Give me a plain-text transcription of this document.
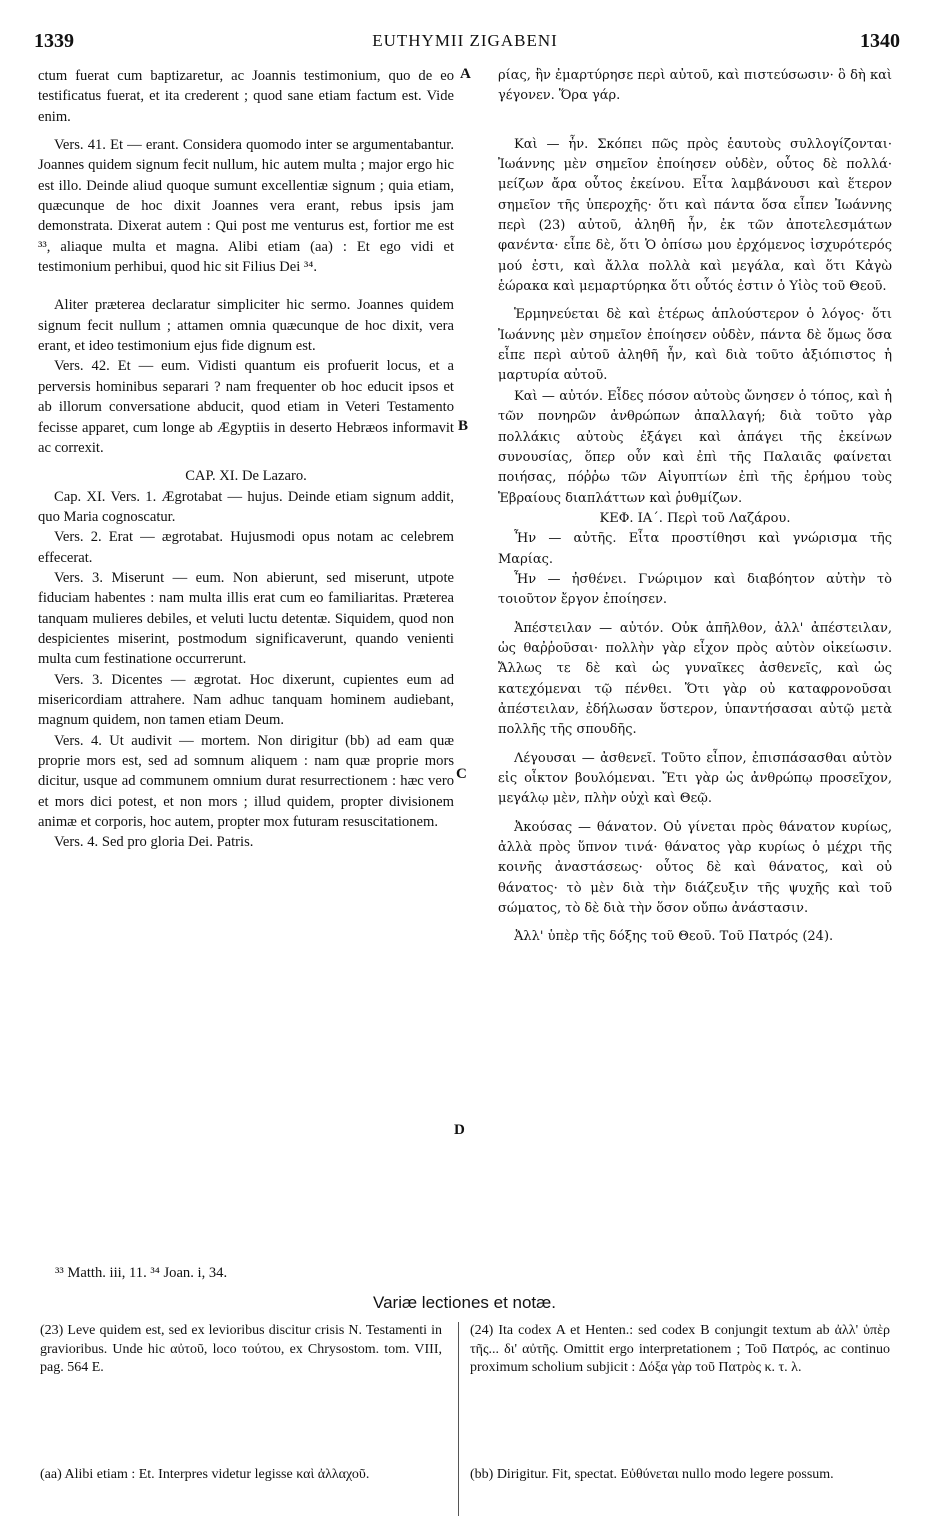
1339	EUTHYMII ZIGABENI	1340
A
B
C
D

ctum fuerat cum baptizaretur, ac Joannis testimonium, quo de eo testificatus fuerat, et ita crederent ; quod sane etiam factum est. Vide enim.

Vers. 41. Et — erant. Considera quomodo inter se argumentabantur. Joannes quidem signum fecit nullum, hic autem multa ; major ergo hic est illo. Deinde aliud quoque sumunt excellentiæ signum ; quia etiam, quæcunque de hoc dixit Joannes vera erant, rebus ipsis jam demonstrata. Dixerat autem : Qui post me venturus est, fortior me est ³³, aliaque multa et magna. Alibi etiam (aa) : Et ego vidi et testimonium perhibui, quod hic sit Filius Dei ³⁴.

Aliter præterea declaratur simpliciter hic sermo. Joannes quidem signum fecit nullum ; attamen omnia quæcunque de hoc dixit, vera erant, et ideo testimonium ejus fide dignum est.

Vers. 42. Et — eum. Vidisti quantum eis profuerit locus, et a perversis hominibus separari ? nam frequenter ob hoc educit ipsos et ab illorum conversatione abducit, quod etiam in Veteri Testamento fecisse apparet, cum longe ab Ægyptiis in deserto Hebræos informavit ac correxit.

CAP. XI. De Lazaro.

Cap. XI. Vers. 1. Ægrotabat — hujus. Deinde etiam signum addit, quo Maria cognoscatur.

Vers. 2. Erat — ægrotabat. Hujusmodi opus notam ac celebrem effecerat.

Vers. 3. Miserunt — eum. Non abierunt, sed miserunt, utpote fiduciam habentes : nam multa illis erat cum eo familiaritas. Præterea tanquam mulieres debiles, et veluti luctu detentæ. Siquidem, quod non despicientes miserint, postmodum significaverunt, quando venienti multa cum festinatione occurrerunt.

Vers. 3. Dicentes — ægrotat. Hoc dixerunt, cupientes eum ad misericordiam attrahere. Nam adhuc tanquam hominem audiebant, magnum quidem, non tamen etiam Deum.

Vers. 4. Ut audivit — mortem. Non dirigitur (bb) ad eam quæ proprie mors est, sed ad somnum aliquem : nam quæ proprie mors dicitur, usque ad communem omnium durat resurrectionem : hæc vero et mors dici potest, et non mors ; illud quidem, propter divisionem animæ et corporis, hoc autem, propter mox futuram resuscitationem.

Vers. 4. Sed pro gloria Dei. Patris.

ρίας, ἣν ἐμαρτύρησε περὶ αὐτοῦ, καὶ πιστεύσωσιν· ὃ δὴ καὶ γέγονεν. Ὅρα γάρ.

Καὶ — ἦν. Σκόπει πῶς πρὸς ἑαυτοὺς συλλογίζονται· Ἰωάννης μὲν σημεῖον ἐποίησεν οὐδὲν, οὗτος δὲ πολλά· μείζων ἄρα οὗτος ἐκείνου. Εἶτα λαμβάνουσι καὶ ἕτερον σημεῖον τῆς ὑπεροχῆς· ὅτι καὶ πάντα ὅσα εἶπεν Ἰωάννης περὶ (23) αὐτοῦ, ἀληθῆ ἦν, ἐκ τῶν ἀποτελεσμάτων φανέντα· εἶπε δὲ, ὅτι Ὁ ὀπίσω μου ἐρχόμενος ἰσχυρότερός μού ἐστι, καὶ ἄλλα πολλὰ καὶ μεγάλα, καὶ ὅτι Κἀγὼ ἑώρακα καὶ μεμαρτύρηκα ὅτι οὗτός ἐστιν ὁ Υἱὸς τοῦ Θεοῦ.

Ἑρμηνεύεται δὲ καὶ ἑτέρως ἁπλούστερον ὁ λόγος· ὅτι Ἰωάννης μὲν σημεῖον ἐποίησεν οὐδὲν, πάντα δὲ ὅμως ὅσα εἶπε περὶ αὐτοῦ ἀληθῆ ἦν, καὶ διὰ τοῦτο ἀξιόπιστος ἡ μαρτυρία αὐτοῦ.

Καὶ — αὐτόν. Εἶδες πόσον αὐτοὺς ὤνησεν ὁ τόπος, καὶ ἡ τῶν πονηρῶν ἀνθρώπων ἀπαλλαγή; διὰ τοῦτο γὰρ πολλάκις αὐτοὺς ἐξάγει καὶ ἀπάγει τῆς ἐκείνων συνουσίας, ὅπερ οὖν καὶ ἐπὶ τῆς Παλαιᾶς φαίνεται ποιήσας, πόῤῥω τῶν Αἰγυπτίων ἐπὶ τῆς ἐρήμου τοὺς Ἑβραίους διαπλάττων καὶ ῥυθμίζων.

ΚΕΦ. ΙΑ΄. Περὶ τοῦ Λαζάρου.

Ἦν — αὐτῆς. Εἶτα προστίθησι καὶ γνώρισμα τῆς Μαρίας.

Ἦν — ἠσθένει. Γνώριμον καὶ διαβόητον αὐτὴν τὸ τοιοῦτον ἔργον ἐποίησεν.

Ἀπέστειλαν — αὐτόν. Οὐκ ἀπῆλθον, ἀλλ' ἀπέστειλαν, ὡς θαῤῥοῦσαι· πολλὴν γὰρ εἶχον πρὸς αὐτὸν οἰκείωσιν. Ἄλλως τε δὲ καὶ ὡς γυναῖκες ἀσθενεῖς, καὶ ὡς κατεχόμεναι τῷ πένθει. Ὅτι γὰρ οὐ καταφρονοῦσαι ἀπέστειλαν, ἐδήλωσαν ὕστερον, ὑπαντήσασαι αὐτῷ μετὰ πολλῆς τῆς σπουδῆς.

Λέγουσαι — ἀσθενεῖ. Τοῦτο εἶπον, ἐπισπάσασθαι αὐτὸν εἰς οἶκτον βουλόμεναι. Ἔτι γὰρ ὡς ἀνθρώπῳ προσεῖχον, μεγάλῳ μὲν, πλὴν οὐχὶ καὶ Θεῷ.

Ἀκούσας — θάνατον. Οὐ γίνεται πρὸς θάνατον κυρίως, ἀλλὰ πρὸς ὕπνον τινά· θάνατος γὰρ κυρίως ὁ μέχρι τῆς κοινῆς ἀναστάσεως· οὗτος δὲ καὶ θάνατος, καὶ οὐ θάνατος· τὸ μὲν διὰ τὴν διάζευξιν τῆς ψυχῆς καὶ τοῦ σώματος, τὸ δὲ διὰ τὴν ὅσον οὔπω ἀνάστασιν.

Ἀλλ' ὑπὲρ τῆς δόξης τοῦ Θεοῦ. Τοῦ Πατρός (24).

³³ Matth. iii, 11. ³⁴ Joan. i, 34.
Variæ lectiones et notæ.
(23) Leve quidem est, sed ex levioribus discitur crisis N. Testamenti in gravioribus. Unde hic αὐτοῦ, loco τούτου, ex Chrysostom. tom. VIII, pag. 564 E.
(24) Ita codex A et Henten.: sed codex B conjungit textum ab ἀλλ' ὑπὲρ τῆς... δι' αὐτῆς. Omittit ergo interpretationem ; Τοῦ Πατρός, ac continuo proximum scholium subjicit : Δόξα γὰρ τοῦ Πατρὸς κ. τ. λ.
(aa) Alibi etiam : Et. Interpres videtur legisse καὶ ἀλλαχοῦ.	(bb) Dirigitur. Fit, spectat. Εὐθύνεται nullo modo legere possum.
